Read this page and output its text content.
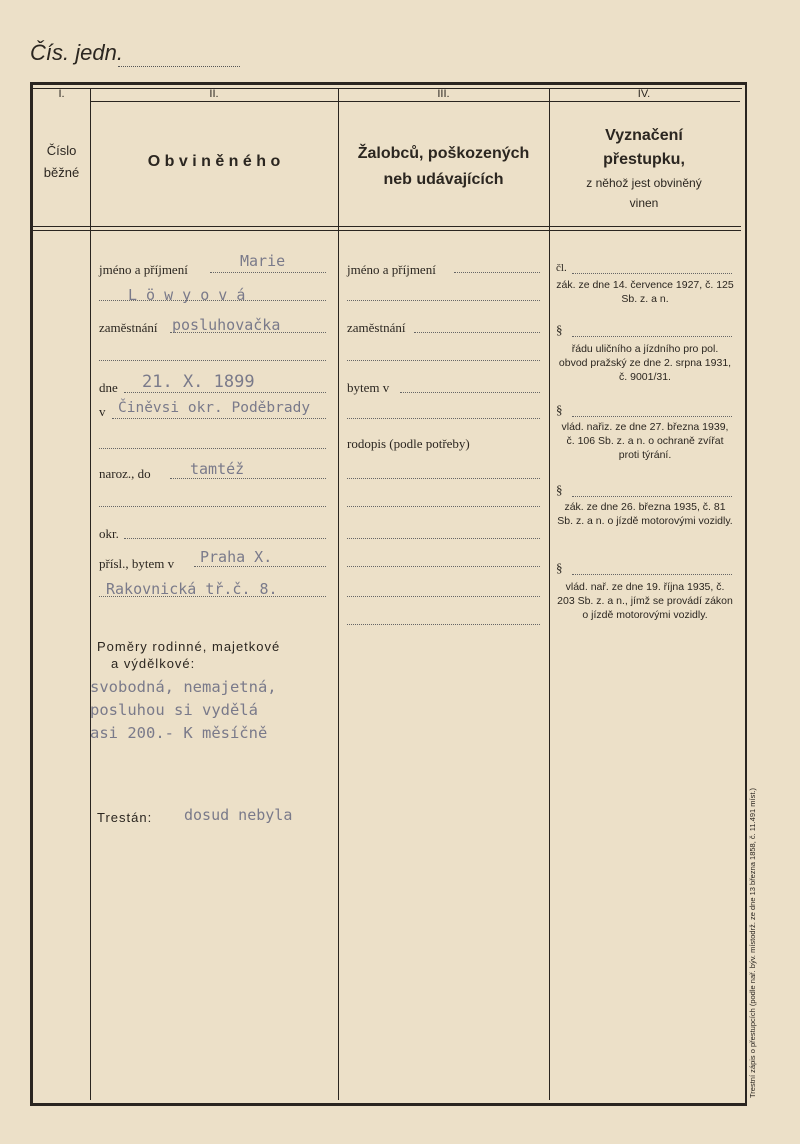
Čís. jedn.
I.	II.	III.	IV.
Číslo
běžné
O b v i n ě n é h o	Žalobců, poškozených
neb udávajících
Vyznačení
přestupku,
z něhož jest obviněný
vinen
jméno a příjmení	Marie
L ö w y o v á
zaměstnání posluhovačka
dne 21. X. 1899
v Činěvsi okr. Poděbrady
naroz., do	tamtéž
okr.
přísl., bytem v Praha X.
Rakovnická tř.č. 8.
Poměry rodinné, majetkové
a výdělkové:
svobodná, nemajetná,
posluhou si vydělá
asi 200.- K měsíčně
Trestán: dosud nebyla
jméno a příjmení
zaměstnání
bytem v
rodopis (podle potřeby)
čl.
zák. ze dne 14. července 1927, č. 125 Sb. z. a n.
§
řádu uličního a jízdního pro pol. obvod pražský ze dne 2. srpna 1931, č. 9001/31.
§
vlád. nařiz. ze dne 27. března 1939, č. 106 Sb. z. a n. o ochraně zvířat proti týrání.
§
zák. ze dne 26. března 1935, č. 81 Sb. z. a n. o jízdě motorovými vozidly.
§
vlád. nař. ze dne 19. října 1935, č. 203 Sb. z. a n., jímž se provádí zákon o jízdě motorovými vozidly.
Trestní zápis o přestupcích (podle nař. býv. místodrž. ze dne 13 března 1858, č. 11.491 míst.)
